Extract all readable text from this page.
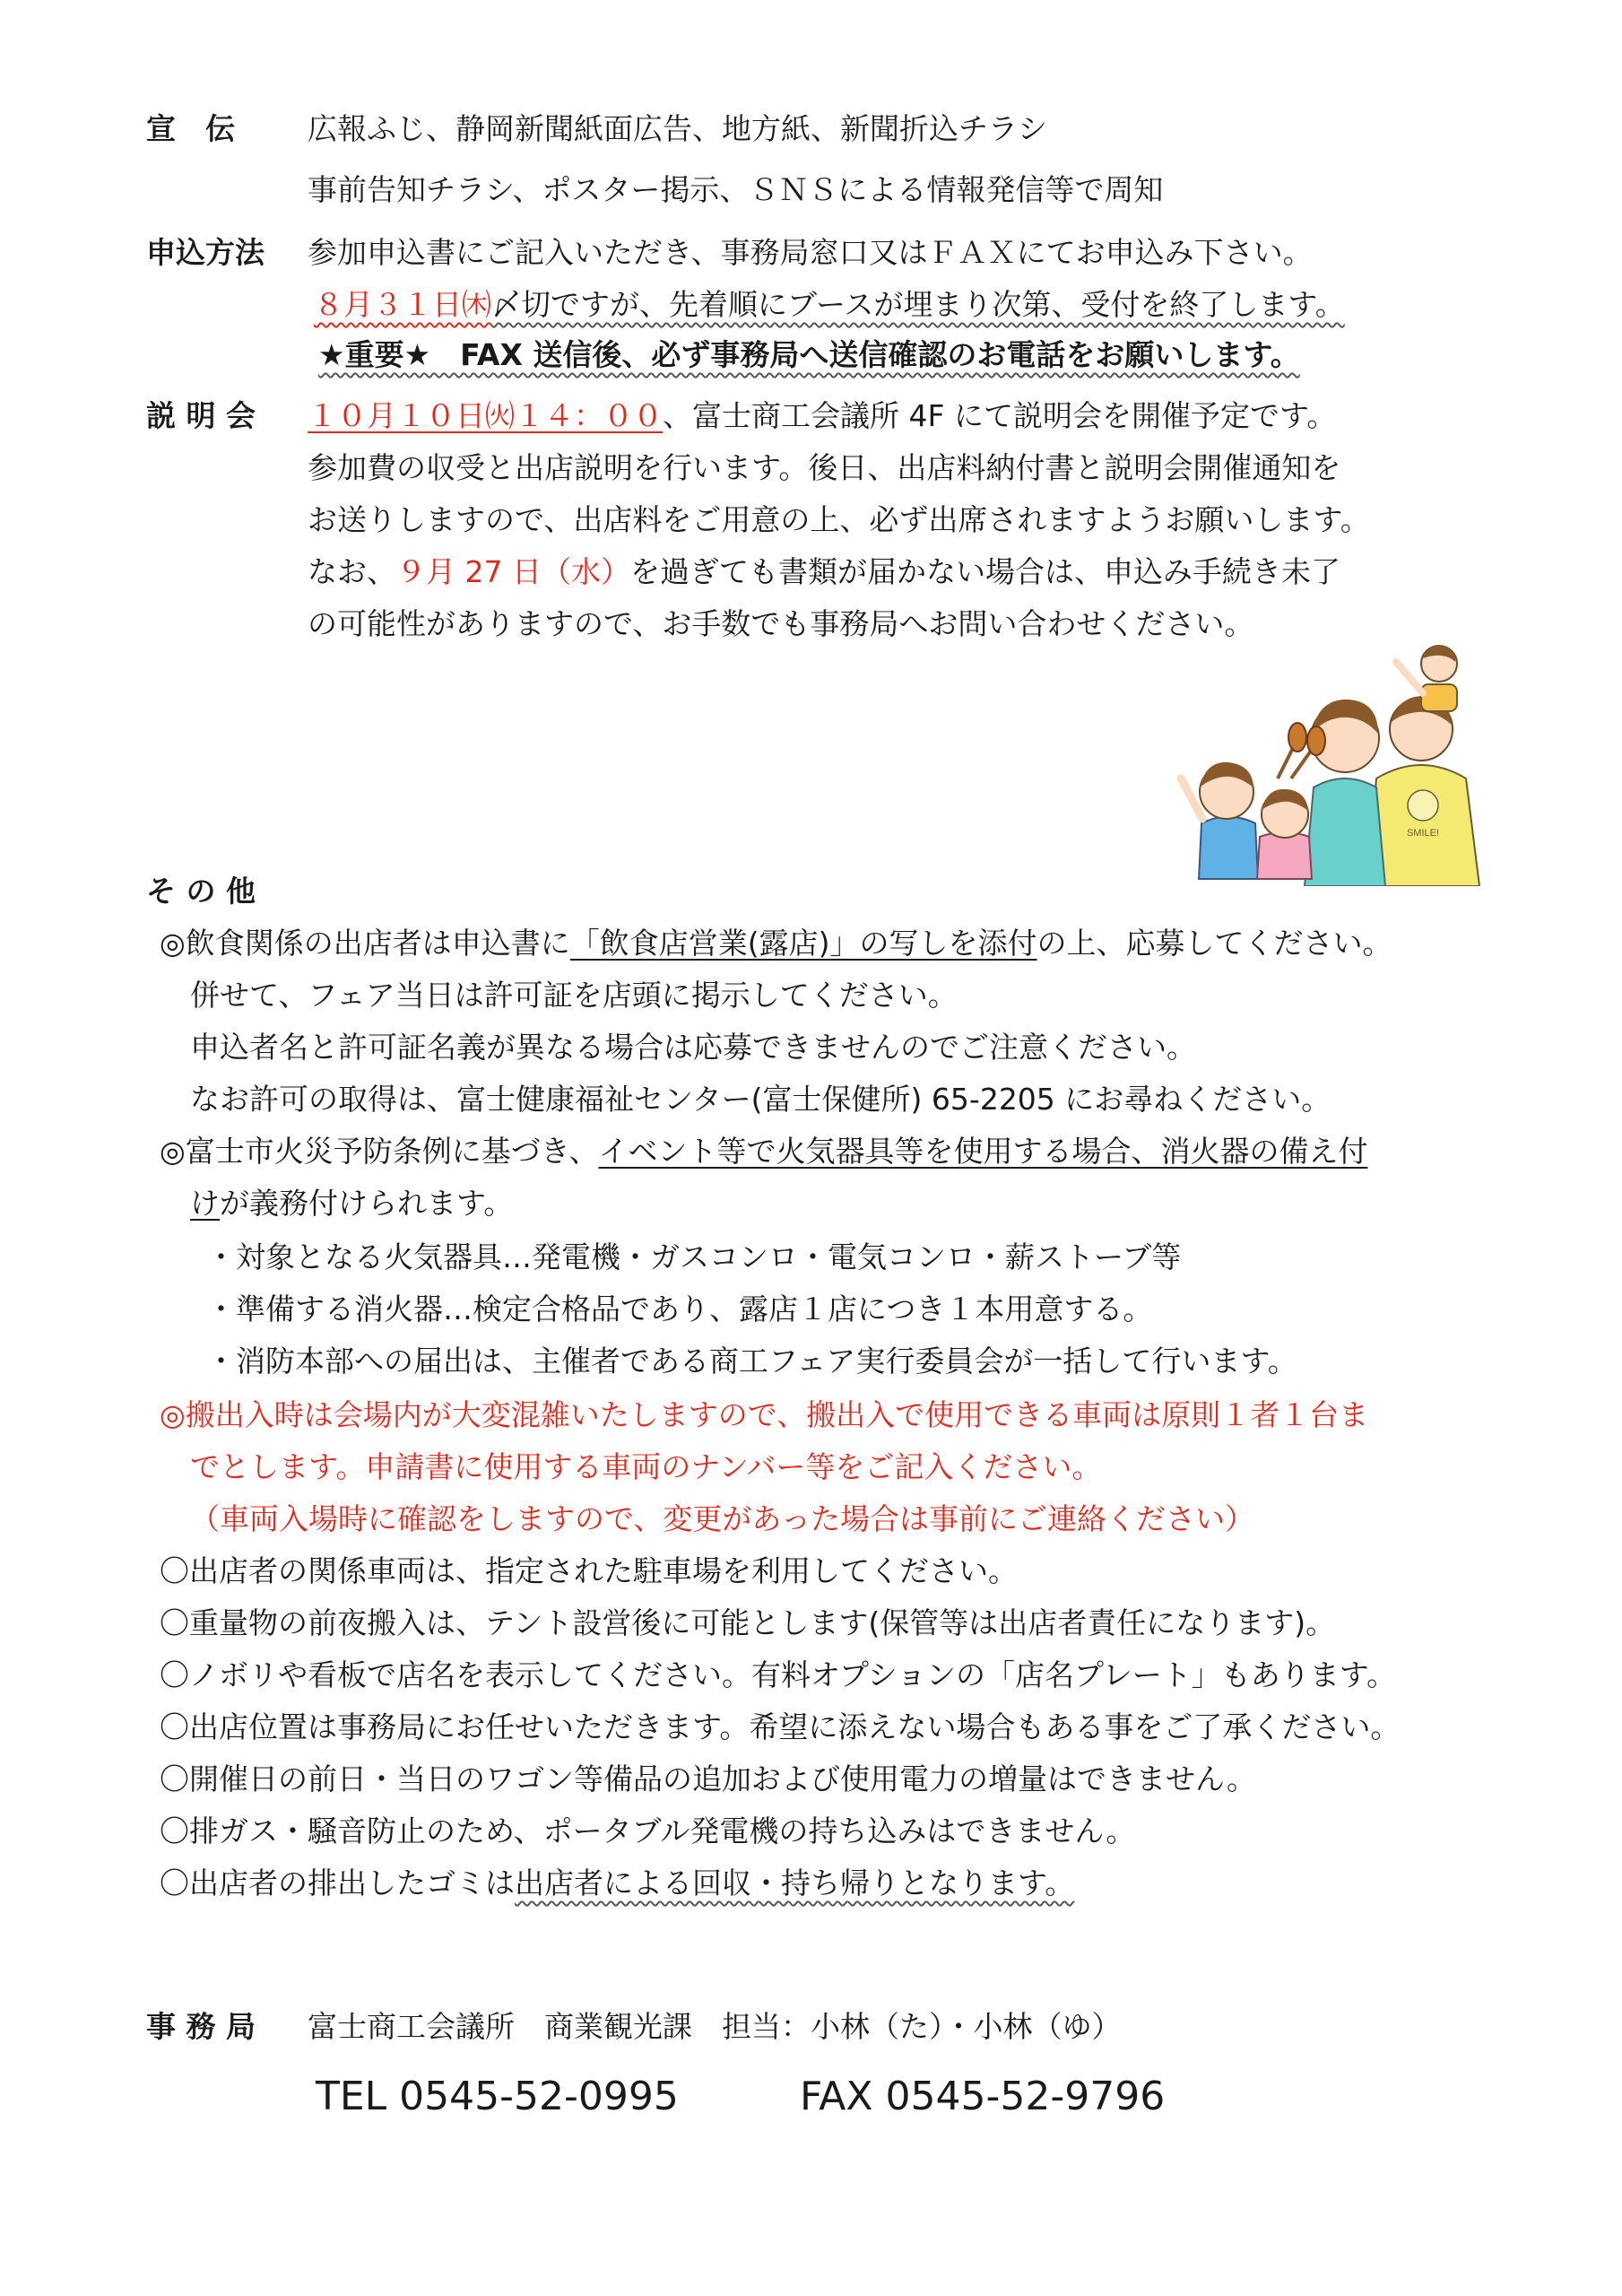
宣　伝 広報ふじ、静岡新聞紙面広告、地方紙、新聞折込チラシ
事前告知チラシ、ポスター掲示、ＳＮＳによる情報発信等で周知
申込方法 参加申込書にご記入いただき、事務局窓口又はＦＡＸにてお申込み下さい。
８月３１日㈭〆切ですが、先着順にブースが埋まり次第、受付を終了します。
★重要★　FAX 送信後、必ず事務局へ送信確認のお電話をお願いします。
説 明 会 １０月１０日㈫１４：００、富士商工会議所 4F にて説明会を開催予定です。
参加費の収受と出店説明を行います。後日、出店料納付書と説明会開催通知を
お送りしますので、出店料をご用意の上、必ず出席されますようお願いします。
なお、９月 27 日（水）を過ぎても書類が届かない場合は、申込み手続き未了
の可能性がありますので、お手数でも事務局へお問い合わせください。
SMILE!
そ の 他
◎飲食関係の出店者は申込書に「飲食店営業(露店)」の写しを添付の上、応募してください。
併せて、フェア当日は許可証を店頭に掲示してください。
申込者名と許可証名義が異なる場合は応募できませんのでご注意ください。
なお許可の取得は、富士健康福祉センター(富士保健所) 65-2205 にお尋ねください。
◎富士市火災予防条例に基づき、イベント等で火気器具等を使用する場合、消火器の備え付
けが義務付けられます。
・対象となる火気器具…発電機・ガスコンロ・電気コンロ・薪ストーブ等
・準備する消火器…検定合格品であり、露店１店につき１本用意する。
・消防本部への届出は、主催者である商工フェア実行委員会が一括して行います。
◎搬出入時は会場内が大変混雑いたしますので、搬出入で使用できる車両は原則１者１台ま
でとします。申請書に使用する車両のナンバー等をご記入ください。
（車両入場時に確認をしますので、変更があった場合は事前にご連絡ください）
〇出店者の関係車両は、指定された駐車場を利用してください。
〇重量物の前夜搬入は、テント設営後に可能とします(保管等は出店者責任になります)。
〇ノボリや看板で店名を表示してください。有料オプションの「店名プレート」もあります。
〇出店位置は事務局にお任せいただきます。希望に添えない場合もある事をご了承ください。
〇開催日の前日・当日のワゴン等備品の追加および使用電力の増量はできません。
〇排ガス・騒音防止のため、ポータブル発電機の持ち込みはできません。
〇出店者の排出したゴミは出店者による回収・持ち帰りとなります。
事 務 局 富士商工会議所　商業観光課　担当：小林（た）・小林（ゆ）
TEL 0545-52-0995	FAX 0545-52-9796
